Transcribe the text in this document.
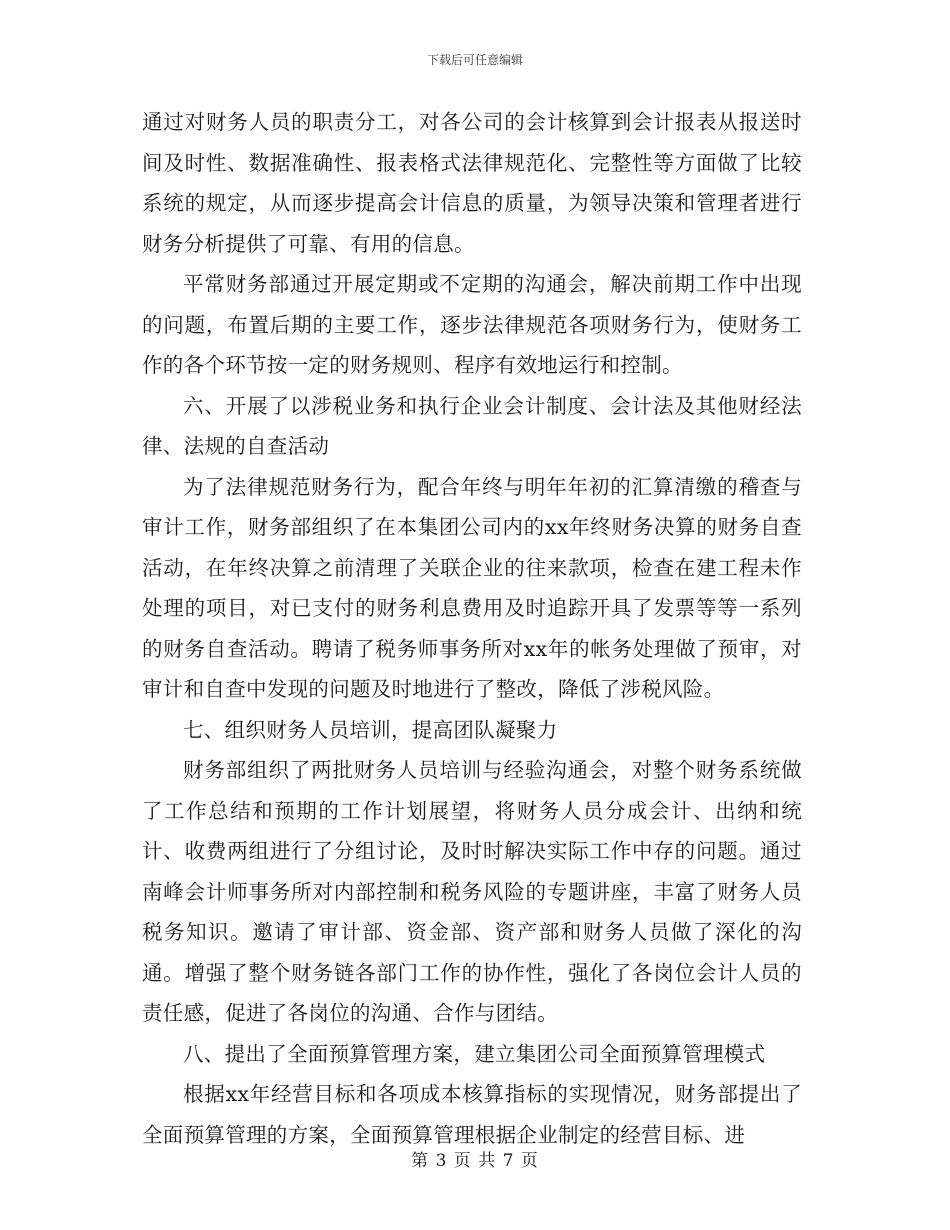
下载后可任意编辑

通过对财务人员的职责分工，对各公司的会计核算到会计报表从报送时间及时性、数据准确性、报表格式法律规范化、完整性等方面做了比较系统的规定，从而逐步提高会计信息的质量，为领导决策和管理者进行财务分析提供了可靠、有用的信息。

平常财务部通过开展定期或不定期的沟通会，解决前期工作中出现的问题，布置后期的主要工作，逐步法律规范各项财务行为，使财务工作的各个环节按一定的财务规则、程序有效地运行和控制。

六、开展了以涉税业务和执行企业会计制度、会计法及其他财经法律、法规的自查活动

为了法律规范财务行为，配合年终与明年年初的汇算清缴的稽查与审计工作，财务部组织了在本集团公司内的xx年终财务决算的财务自查活动，在年终决算之前清理了关联企业的往来款项，检查在建工程未作处理的项目，对已支付的财务利息费用及时追踪开具了发票等等一系列的财务自查活动。聘请了税务师事务所对xx年的帐务处理做了预审，对审计和自查中发现的问题及时地进行了整改，降低了涉税风险。

七、组织财务人员培训，提高团队凝聚力

财务部组织了两批财务人员培训与经验沟通会，对整个财务系统做了工作总结和预期的工作计划展望，将财务人员分成会计、出纳和统计、收费两组进行了分组讨论，及时时解决实际工作中存的问题。通过南峰会计师事务所对内部控制和税务风险的专题讲座，丰富了财务人员税务知识。邀请了审计部、资金部、资产部和财务人员做了深化的沟通。增强了整个财务链各部门工作的协作性，强化了各岗位会计人员的责任感，促进了各岗位的沟通、合作与团结。

八、提出了全面预算管理方案，建立集团公司全面预算管理模式

根据xx年经营目标和各项成本核算指标的实现情况，财务部提出了全面预算管理的方案，全面预算管理根据企业制定的经营目标、进

第 3 页 共 7 页
